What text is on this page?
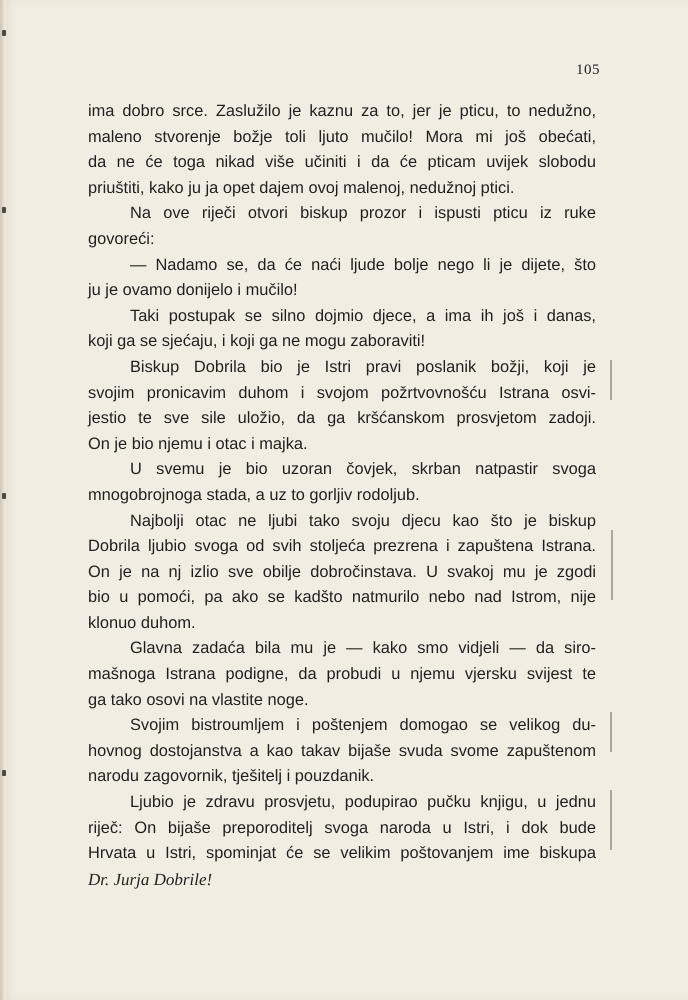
105
ima dobro srce. Zaslužilo je kaznu za to, jer je pticu, to nedužno,
maleno stvorenje božje toli ljuto mučilo! Mora mi još obećati,
da ne će toga nikad više učiniti i da će pticam uvijek slobodu
priuštiti, kako ju ja opet dajem ovoj malenoj, nedužnoj ptici.
Na ove riječi otvori biskup prozor i ispusti pticu iz ruke
govoreći:
— Nadamo se, da će naći ljude bolje nego li je dijete, što
ju je ovamo donijelo i mučilo!
Taki postupak se silno dojmio djece, a ima ih još i danas,
koji ga se sjećaju, i koji ga ne mogu zaboraviti!
Biskup Dobrila bio je Istri pravi poslanik božji, koji je
svojim pronicavim duhom i svojom požrtvovnošću Istrana osvi-
jestio te sve sile uložio, da ga kršćanskom prosvjetom zadoji.
On je bio njemu i otac i majka.
U svemu je bio uzoran čovjek, skrban natpastir svoga
mnogobrojnoga stada, a uz to gorljiv rodoljub.
Najbolji otac ne ljubi tako svoju djecu kao što je biskup
Dobrila ljubio svoga od svih stoljeća prezrena i zapuštena Istrana.
On je na nj izlio sve obilje dobročinstava. U svakoj mu je zgodi
bio u pomoći, pa ako se kadšto natmurilo nebo nad Istrom, nije
klonuo duhom.
Glavna zadaća bila mu je — kako smo vidjeli — da siro-
mašnoga Istrana podigne, da probudi u njemu vjersku svijest te
ga tako osovi na vlastite noge.
Svojim bistroumljem i poštenjem domogao se velikog du-
hovnog dostojanstva a kao takav bijaše svuda svome zapuštenom
narodu zagovornik, tješitelj i pouzdanik.
Ljubio je zdravu prosvjetu, podupirao pučku knjigu, u jednu
riječ: On bijaše preporoditelj svoga naroda u Istri, i dok bude
Hrvata u Istri, spominjat će se velikim poštovanjem ime biskupa
Dr. Jurja Dobrile!
